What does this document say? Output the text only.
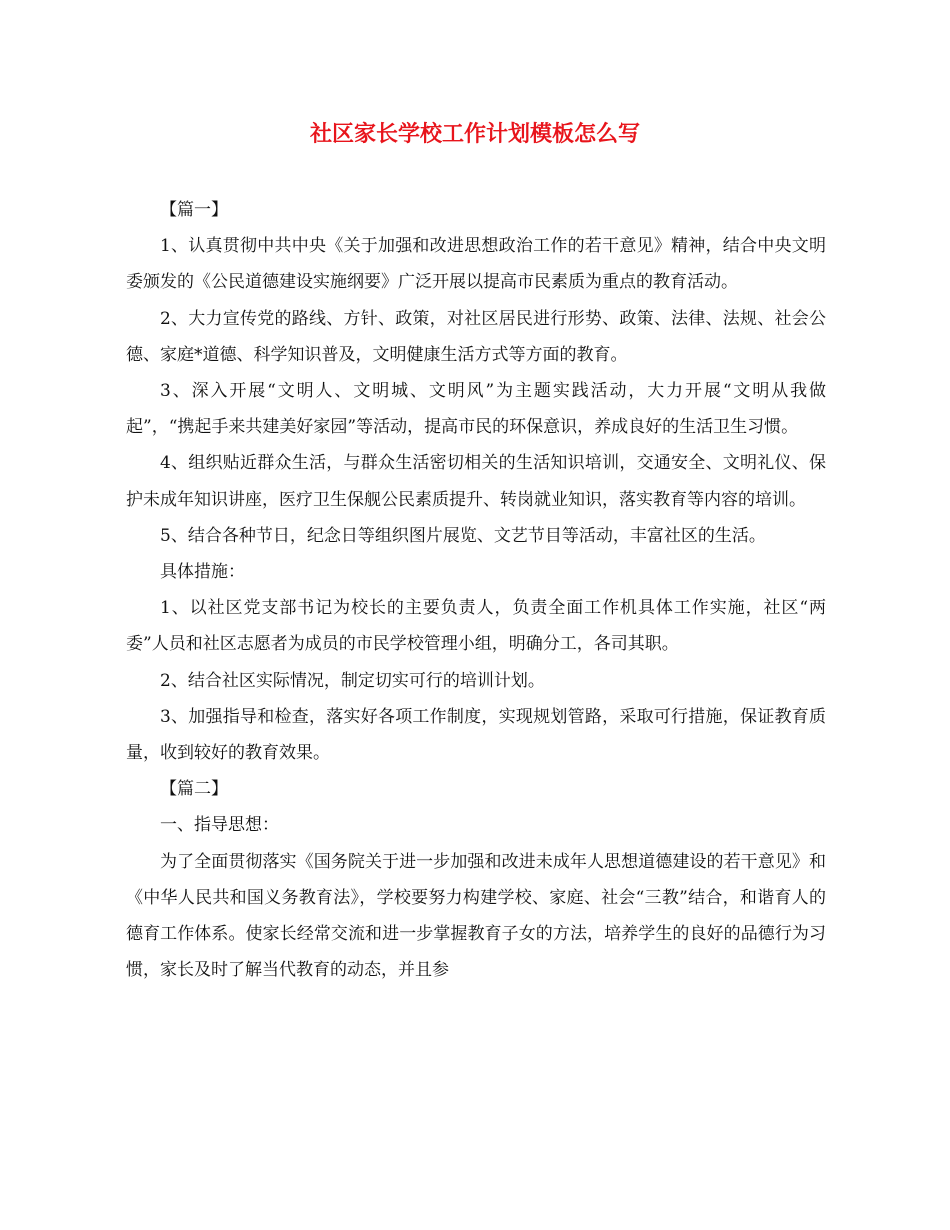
社区家长学校工作计划模板怎么写

【篇一】

1、认真贯彻中共中央《关于加强和改进思想政治工作的若干意见》精神，结合中央文明委颁发的《公民道德建设实施纲要》广泛开展以提高市民素质为重点的教育活动。

2、大力宣传党的路线、方针、政策，对社区居民进行形势、政策、法律、法规、社会公德、家庭*道德、科学知识普及，文明健康生活方式等方面的教育。

3、深入开展“文明人、文明城、文明风”为主题实践活动，大力开展“文明从我做起”，“携起手来共建美好家园”等活动，提高市民的环保意识，养成良好的生活卫生习惯。

4、组织贴近群众生活，与群众生活密切相关的生活知识培训，交通安全、文明礼仪、保护未成年知识讲座，医疗卫生保舰公民素质提升、转岗就业知识，落实教育等内容的培训。

5、结合各种节日，纪念日等组织图片展览、文艺节目等活动，丰富社区的生活。

具体措施：

1、以社区党支部书记为校长的主要负责人，负责全面工作机具体工作实施，社区“两委”人员和社区志愿者为成员的市民学校管理小组，明确分工，各司其职。

2、结合社区实际情况，制定切实可行的培训计划。

3、加强指导和检查，落实好各项工作制度，实现规划管路，采取可行措施，保证教育质量，收到较好的教育效果。

【篇二】

一、指导思想：

为了全面贯彻落实《国务院关于进一步加强和改进未成年人思想道德建设的若干意见》和《中华人民共和国义务教育法》，学校要努力构建学校、家庭、社会“三教”结合，和谐育人的德育工作体系。使家长经常交流和进一步掌握教育子女的方法，培养学生的良好的品德行为习惯，家长及时了解当代教育的动态，并且参
